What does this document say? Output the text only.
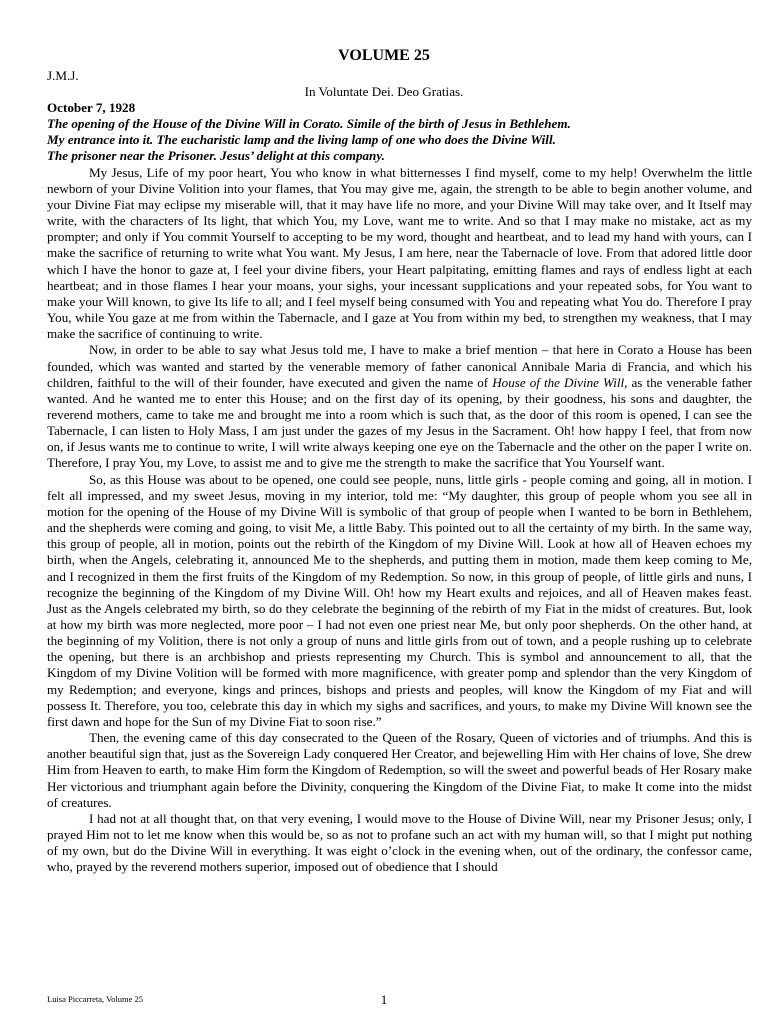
VOLUME 25
J.M.J.
In Voluntate Dei. Deo Gratias.

October 7, 1928

The opening of the House of the Divine Will in Corato. Simile of the birth of Jesus in Bethlehem.

My entrance into it. The eucharistic lamp and the living lamp of one who does the Divine Will.

The prisoner near the Prisoner. Jesus’ delight at this company.

My Jesus, Life of my poor heart, You who know in what bitternesses I find myself, come to my help! Overwhelm the little newborn of your Divine Volition into your flames, that You may give me, again, the strength to be able to begin another volume, and your Divine Fiat may eclipse my miserable will, that it may have life no more, and your Divine Will may take over, and It Itself may write, with the characters of Its light, that which You, my Love, want me to write. And so that I may make no mistake, act as my prompter; and only if You commit Yourself to accepting to be my word, thought and heartbeat, and to lead my hand with yours, can I make the sacrifice of returning to write what You want. My Jesus, I am here, near the Tabernacle of love. From that adored little door which I have the honor to gaze at, I feel your divine fibers, your Heart palpitating, emitting flames and rays of endless light at each heartbeat; and in those flames I hear your moans, your sighs, your incessant supplications and your repeated sobs, for You want to make your Will known, to give Its life to all; and I feel myself being consumed with You and repeating what You do. Therefore I pray You, while You gaze at me from within the Tabernacle, and I gaze at You from within my bed, to strengthen my weakness, that I may make the sacrifice of continuing to write.

Now, in order to be able to say what Jesus told me, I have to make a brief mention – that here in Corato a House has been founded, which was wanted and started by the venerable memory of father canonical Annibale Maria di Francia, and which his children, faithful to the will of their founder, have executed and given the name of House of the Divine Will, as the venerable father wanted. And he wanted me to enter this House; and on the first day of its opening, by their goodness, his sons and daughter, the reverend mothers, came to take me and brought me into a room which is such that, as the door of this room is opened, I can see the Tabernacle, I can listen to Holy Mass, I am just under the gazes of my Jesus in the Sacrament. Oh! how happy I feel, that from now on, if Jesus wants me to continue to write, I will write always keeping one eye on the Tabernacle and the other on the paper I write on. Therefore, I pray You, my Love, to assist me and to give me the strength to make the sacrifice that You Yourself want.

So, as this House was about to be opened, one could see people, nuns, little girls - people coming and going, all in motion. I felt all impressed, and my sweet Jesus, moving in my interior, told me: “My daughter, this group of people whom you see all in motion for the opening of the House of my Divine Will is symbolic of that group of people when I wanted to be born in Bethlehem, and the shepherds were coming and going, to visit Me, a little Baby. This pointed out to all the certainty of my birth. In the same way, this group of people, all in motion, points out the rebirth of the Kingdom of my Divine Will. Look at how all of Heaven echoes my birth, when the Angels, celebrating it, announced Me to the shepherds, and putting them in motion, made them keep coming to Me, and I recognized in them the first fruits of the Kingdom of my Redemption. So now, in this group of people, of little girls and nuns, I recognize the beginning of the Kingdom of my Divine Will. Oh! how my Heart exults and rejoices, and all of Heaven makes feast. Just as the Angels celebrated my birth, so do they celebrate the beginning of the rebirth of my Fiat in the midst of creatures. But, look at how my birth was more neglected, more poor – I had not even one priest near Me, but only poor shepherds. On the other hand, at the beginning of my Volition, there is not only a group of nuns and little girls from out of town, and a people rushing up to celebrate the opening, but there is an archbishop and priests representing my Church. This is symbol and announcement to all, that the Kingdom of my Divine Volition will be formed with more magnificence, with greater pomp and splendor than the very Kingdom of my Redemption; and everyone, kings and princes, bishops and priests and peoples, will know the Kingdom of my Fiat and will possess It. Therefore, you too, celebrate this day in which my sighs and sacrifices, and yours, to make my Divine Will known see the first dawn and hope for the Sun of my Divine Fiat to soon rise.”

Then, the evening came of this day consecrated to the Queen of the Rosary, Queen of victories and of triumphs. And this is another beautiful sign that, just as the Sovereign Lady conquered Her Creator, and bejewelling Him with Her chains of love, She drew Him from Heaven to earth, to make Him form the Kingdom of Redemption, so will the sweet and powerful beads of Her Rosary make Her victorious and triumphant again before the Divinity, conquering the Kingdom of the Divine Fiat, to make It come into the midst of creatures.

I had not at all thought that, on that very evening, I would move to the House of Divine Will, near my Prisoner Jesus; only, I prayed Him not to let me know when this would be, so as not to profane such an act with my human will, so that I might put nothing of my own, but do the Divine Will in everything. It was eight o’clock in the evening when, out of the ordinary, the confessor came, who, prayed by the reverend mothers superior, imposed out of obedience that I should

Luisa Piccarreta, Volume 25	1
